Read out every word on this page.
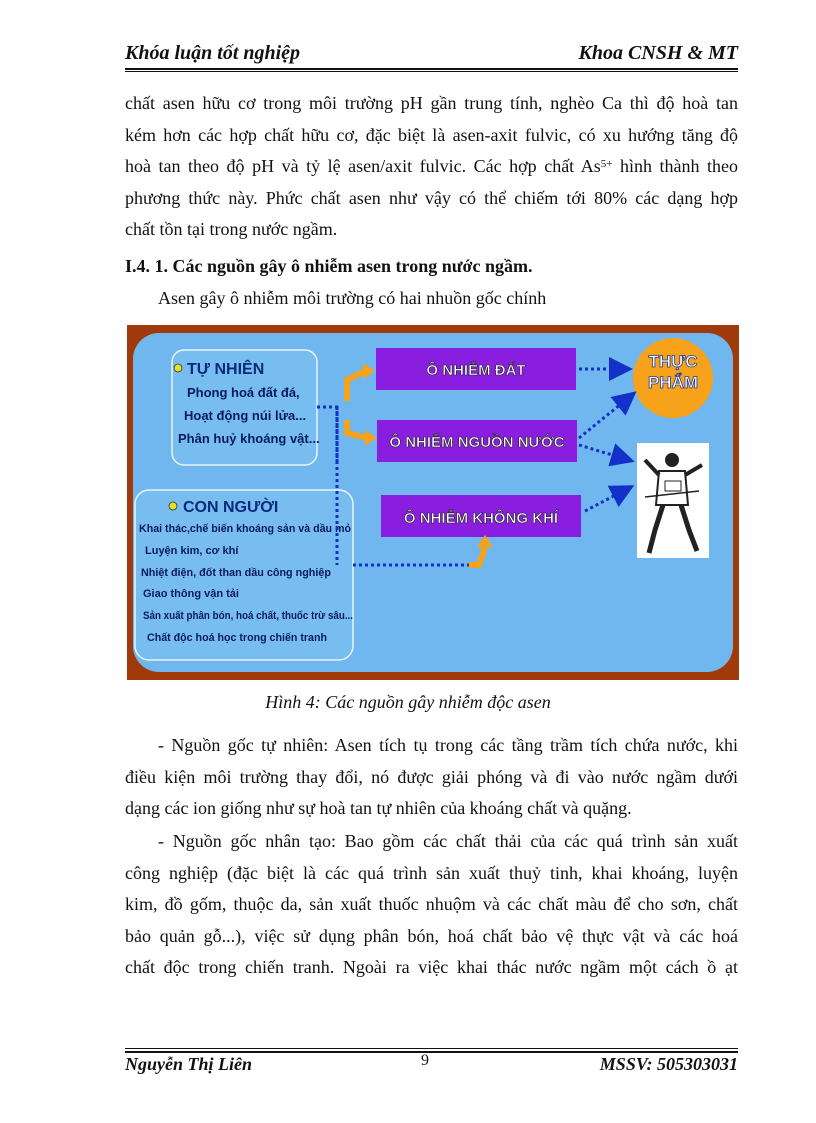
Khóa luận tốt nghiệp	Khoa CNSH & MT
chất asen hữu cơ trong môi trường pH gần trung tính, nghèo Ca thì độ hoà tan
kém hơn các hợp chất hữu cơ, đặc biệt là asen-axit fulvic, có xu hướng tăng độ
hoà tan theo độ pH và tỷ lệ asen/axit fulvic. Các hợp chất $As^{5+}$ hình thành theo
phương thức này. Phức chất asen như vậy có thể chiếm tới 80% các dạng hợp
chất tồn tại trong nước ngầm.
I.4. 1. Các nguồn gây ô nhiễm asen trong nước ngầm.
Asen gây ô nhiễm môi trường có hai nhuồn gốc chính
TỰ NHIÊN
Phong hoá đất đá,
Hoạt động núi lửa...
Phân huỷ khoáng vật...
CON NGƯỜI
Khai thác,chế biến khoáng sản và dầu mỏ
Luyện kim, cơ khí
Nhiệt điện, đốt than dầu công nghiệp
Giao thông vận tải
Sản xuất phân bón, hoá chất, thuốc trừ sâu...
Chất độc hoá học trong chiến tranh
Ô NHIỄM ĐẤT
Ô NHIỄM NGUỒN NƯỚC
Ô NHIỄM KHÔNG KHÍ
THỰC
PHẨM
Hình 4: Các nguồn gây nhiễm độc asen
- Nguồn gốc tự nhiên: Asen tích tụ trong các tầng trầm tích chứa nước, khi
điều kiện môi trường thay đổi, nó được giải phóng và đi vào nước ngầm dưới
dạng các ion giống như sự hoà tan tự nhiên của khoáng chất và quặng.
- Nguồn gốc nhân tạo: Bao gồm các chất thải của các quá trình sản xuất
công nghiệp (đặc biệt là các quá trình sản xuất thuỷ tinh, khai khoáng, luyện
kim, đồ gốm, thuộc da, sản xuất thuốc nhuộm và các chất màu để cho sơn, chất
bảo quản gỗ...), việc sử dụng phân bón, hoá chất bảo vệ thực vật và các hoá
chất độc trong chiến tranh. Ngoài ra việc khai thác nước ngầm một cách ồ ạt
Nguyễn Thị Liên	9	MSSV: 505303031
